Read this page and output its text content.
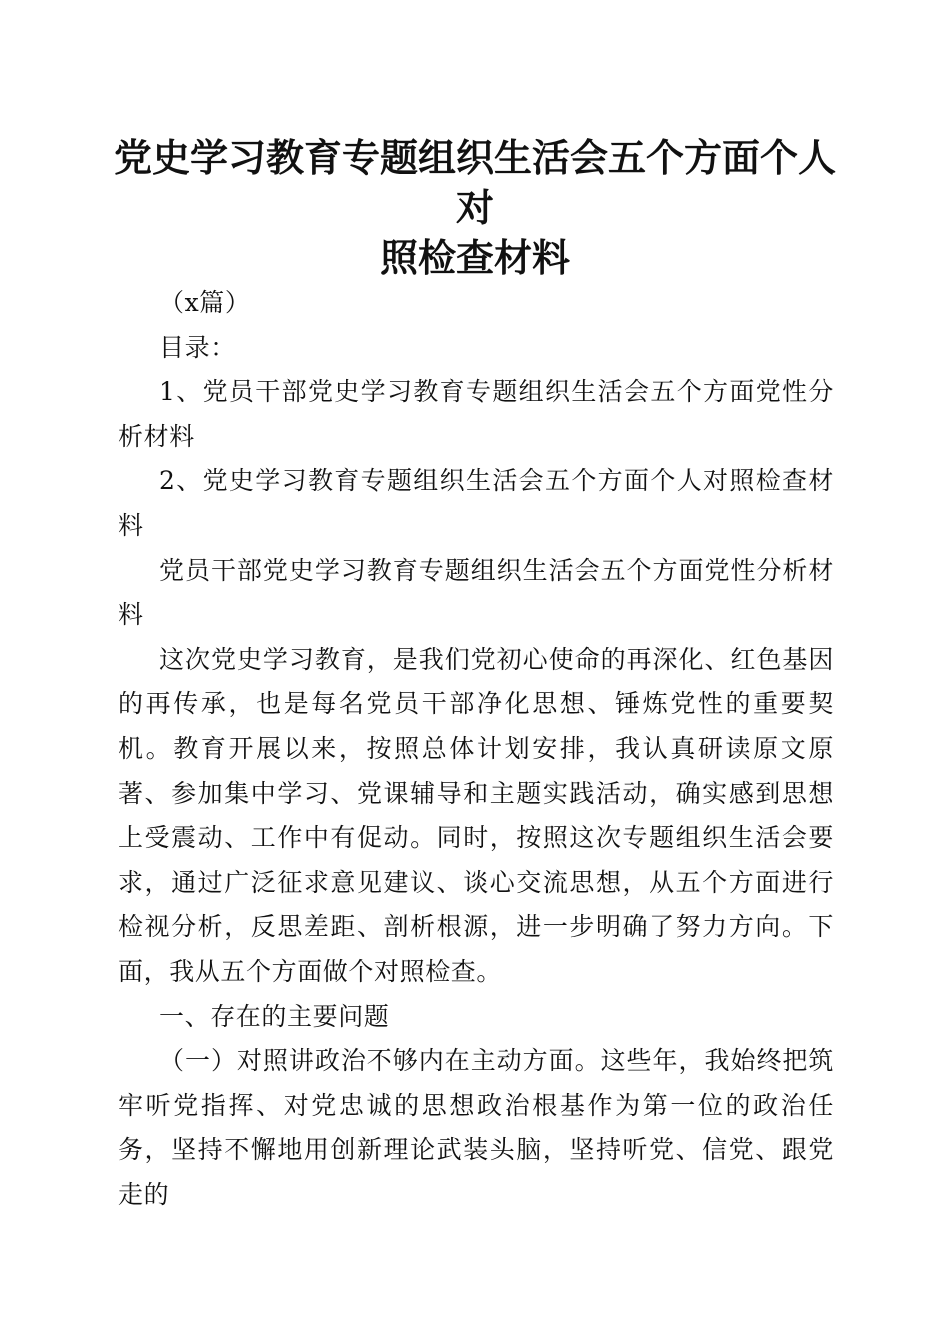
党史学习教育专题组织生活会五个方面个人对
照检查材料

（x篇）

目录：

1、党员干部党史学习教育专题组织生活会五个方面党性分析材料

2、党史学习教育专题组织生活会五个方面个人对照检查材料

党员干部党史学习教育专题组织生活会五个方面党性分析材料

这次党史学习教育，是我们党初心使命的再深化、红色基因的再传承，也是每名党员干部净化思想、锤炼党性的重要契机。教育开展以来，按照总体计划安排，我认真研读原文原著、参加集中学习、党课辅导和主题实践活动，确实感到思想上受震动、工作中有促动。同时，按照这次专题组织生活会要求，通过广泛征求意见建议、谈心交流思想，从五个方面进行检视分析，反思差距、剖析根源，进一步明确了努力方向。下面，我从五个方面做个对照检查。

一、存在的主要问题

（一）对照讲政治不够内在主动方面。这些年，我始终把筑牢听党指挥、对党忠诚的思想政治根基作为第一位的政治任务，坚持不懈地用创新理论武装头脑，坚持听党、信党、跟党走的
